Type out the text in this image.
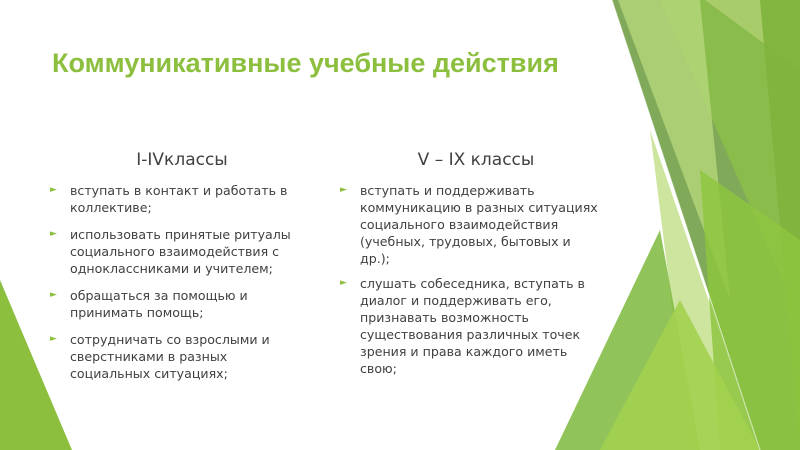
Коммуникативные учебные действия
I-IVклассы
► вступать в контакт и работать в коллективе;
► использовать принятые ритуалы социального взаимодействия с одноклассниками и учителем;
► обращаться за помощью и принимать помощь;
► сотрудничать со взрослыми и сверстниками в разных социальных ситуациях;
V – IX классы
► вступать и поддерживать коммуникацию в разных ситуациях социального взаимодействия (учебных, трудовых, бытовых и др.);
► слушать собеседника, вступать в диалог и поддерживать его, признавать возможность существования различных точек зрения и права каждого иметь свою;
